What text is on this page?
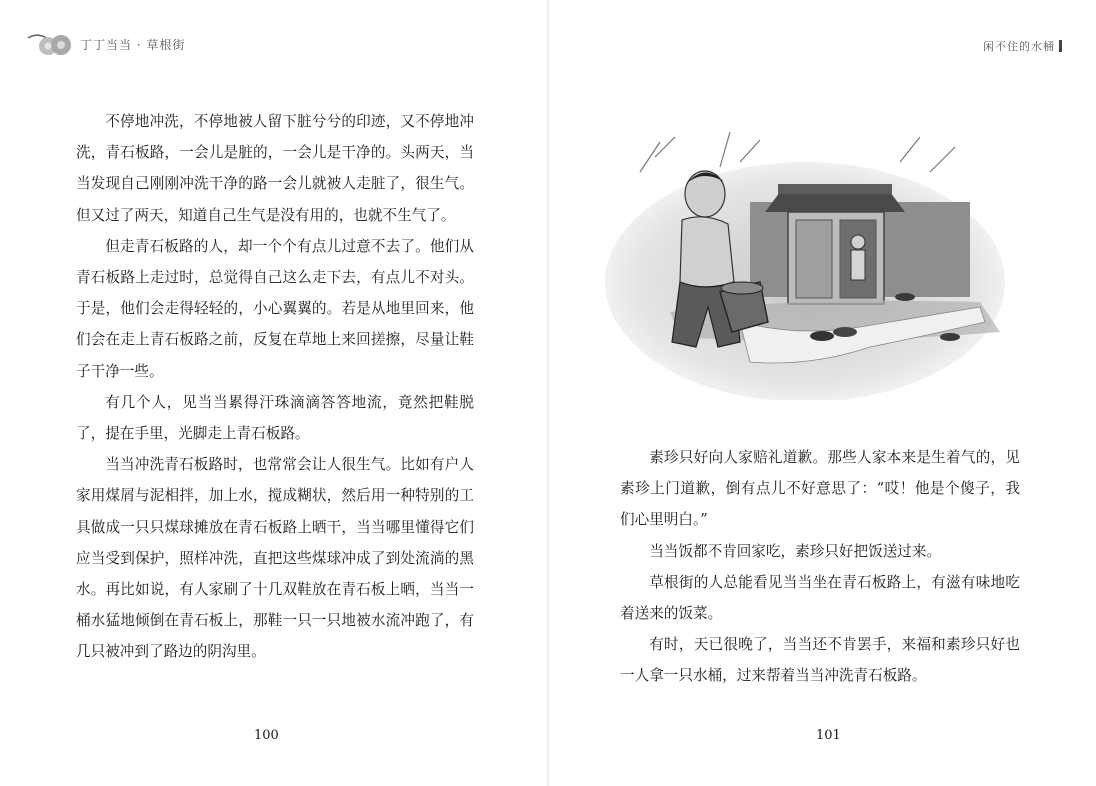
丁丁当当 · 草根街

不停地冲洗，不停地被人留下脏兮兮的印迹，又不停地冲洗，青石板路，一会儿是脏的，一会儿是干净的。头两天，当当发现自己刚刚冲洗干净的路一会儿就被人走脏了，很生气。但又过了两天，知道自己生气是没有用的，也就不生气了。

但走青石板路的人，却一个个有点儿过意不去了。他们从青石板路上走过时，总觉得自己这么走下去，有点儿不对头。于是，他们会走得轻轻的，小心翼翼的。若是从地里回来，他们会在走上青石板路之前，反复在草地上来回搓擦，尽量让鞋子干净一些。

有几个人，见当当累得汗珠滴滴答答地流，竟然把鞋脱了，提在手里，光脚走上青石板路。

当当冲洗青石板路时，也常常会让人很生气。比如有户人家用煤屑与泥相拌，加上水，搅成糊状，然后用一种特别的工具做成一只只煤球摊放在青石板路上晒干，当当哪里懂得它们应当受到保护，照样冲洗，直把这些煤球冲成了到处流淌的黑水。再比如说，有人家刷了十几双鞋放在青石板上晒，当当一桶水猛地倾倒在青石板上，那鞋一只一只地被水流冲跑了，有几只被冲到了路边的阴沟里。

100
闲不住的水桶

素珍只好向人家赔礼道歉。那些人家本来是生着气的，见素珍上门道歉，倒有点儿不好意思了：“哎！他是个傻子，我们心里明白。”

当当饭都不肯回家吃，素珍只好把饭送过来。

草根街的人总能看见当当坐在青石板路上，有滋有味地吃着送来的饭菜。

有时，天已很晚了，当当还不肯罢手，来福和素珍只好也一人拿一只水桶，过来帮着当当冲洗青石板路。

101
